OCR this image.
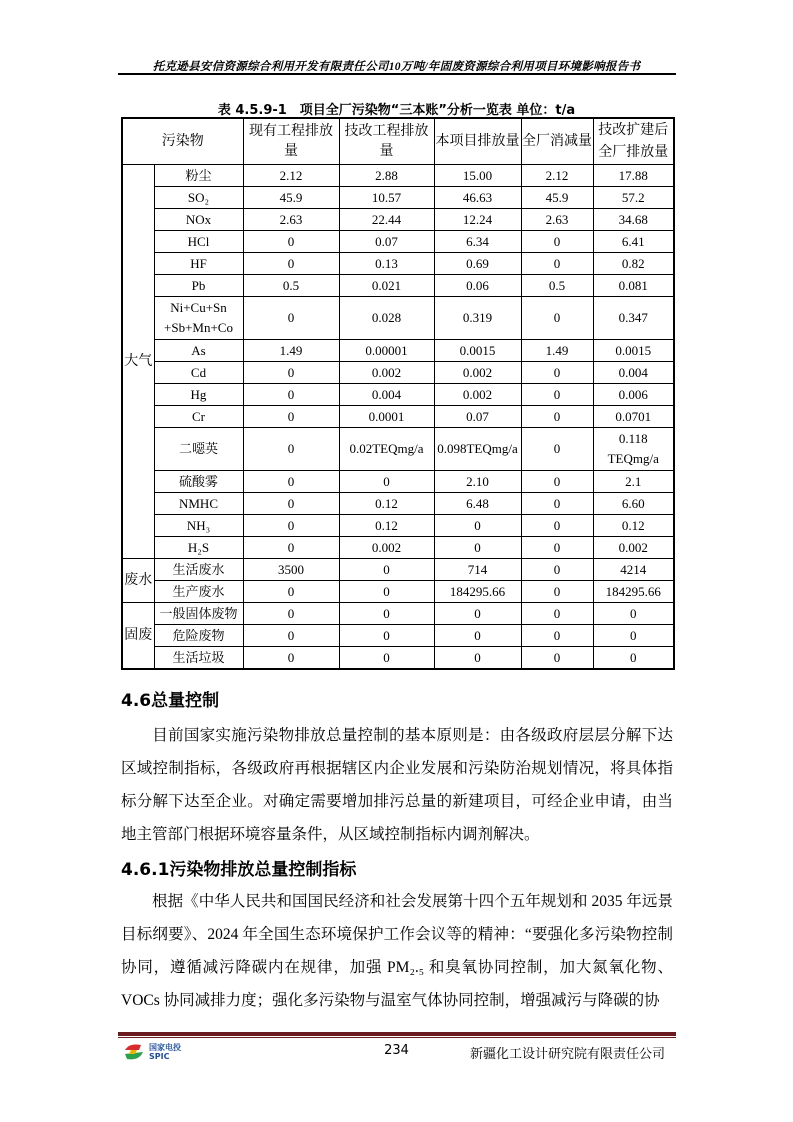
托克逊县安信资源综合利用开发有限责任公司10万吨/年固废资源综合利用项目环境影响报告书
表 4.5.9-1　项目全厂污染物“三本账”分析一览表 单位：t/a
污染物		现有工程排放量	技改工程排放量	本项目排放量	全厂消减量	技改扩建后全厂排放量
大气	粉尘	2.12	2.88	15.00	2.12	17.88
	SO₂	45.9	10.57	46.63	45.9	57.2
	NOx	2.63	22.44	12.24	2.63	34.68
	HCl	0	0.07	6.34	0	6.41
	HF	0	0.13	0.69	0	0.82
	Pb	0.5	0.021	0.06	0.5	0.081
	Ni+Cu+Sn +Sb+Mn+Co	0	0.028	0.319	0	0.347
	As	1.49	0.00001	0.0015	1.49	0.0015
	Cd	0	0.002	0.002	0	0.004
	Hg	0	0.004	0.002	0	0.006
	Cr	0	0.0001	0.07	0	0.0701
	二噁英	0	0.02TEQmg/a	0.098TEQmg/a	0	0.118 TEQmg/a
	硫酸雾	0	0	2.10	0	2.1
	NMHC	0	0.12	6.48	0	6.60
	NH₃	0	0.12	0	0	0.12
	H₂S	0	0.002	0	0	0.002
废水	生活废水	3500	0	714	0	4214
	生产废水	0	0	184295.66	0	184295.66
固废	一般固体废物	0	0	0	0	0
	危险废物	0	0	0	0	0
	生活垃圾	0	0	0	0	0
4.6总量控制
目前国家实施污染物排放总量控制的基本原则是：由各级政府层层分解下达区域控制指标，各级政府再根据辖区内企业发展和污染防治规划情况，将具体指标分解下达至企业。对确定需要增加排污总量的新建项目，可经企业申请，由当地主管部门根据环境容量条件，从区域控制指标内调剂解决。
4.6.1污染物排放总量控制指标
根据《中华人民共和国国民经济和社会发展第十四个五年规划和 2035 年远景目标纲要》、2024 年全国生态环境保护工作会议等的精神：“要强化多污染物控制协同，遵循减污降碳内在规律，加强 PM₂.₅ 和臭氧协同控制，加大氮氧化物、VOCs 协同减排力度；强化多污染物与温室气体协同控制，增强减污与降碳的协
国家电投
SPIC	234	新疆化工设计研究院有限责任公司
